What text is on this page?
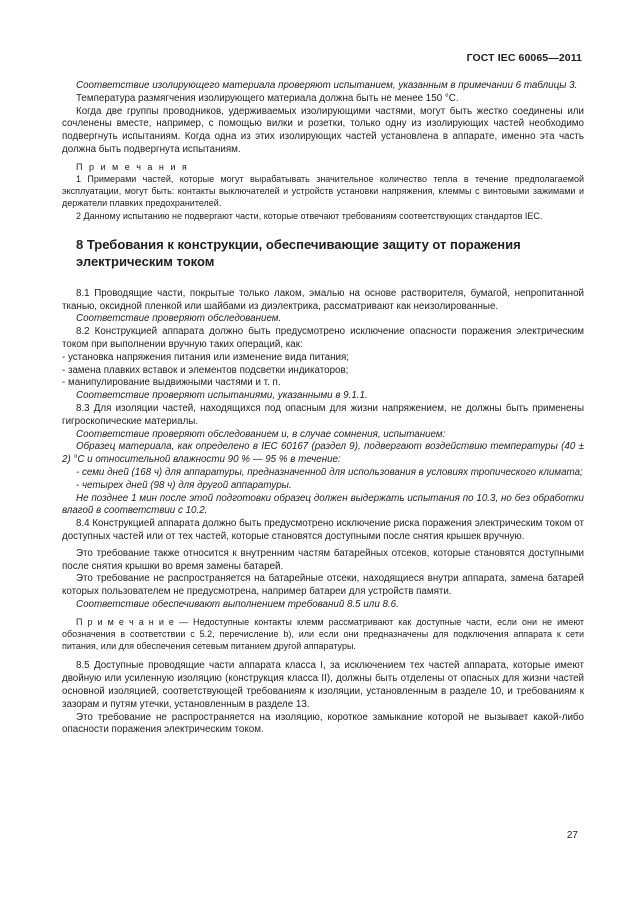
ГОСТ IEC 60065—2011

Соответствие изолирующего материала проверяют испытанием, указанным в примечании 6 таблицы 3.

Температура размягчения изолирующего материала должна быть не менее 150 °С.

Когда две группы проводников, удерживаемых изолирующими частями, могут быть жестко соединены или сочленены вместе, например, с помощью вилки и розетки, только одну из изолирующих частей необходимо подвергнуть испытаниям. Когда одна из этих изолирующих частей установлена в аппарате, именно эта часть должна быть подвергнута испытаниям.

П р и м е ч а н и я

1 Примерами частей, которые могут вырабатывать значительное количество тепла в течение предполагаемой эксплуатации, могут быть: контакты выключателей и устройств установки напряжения, клеммы с винтовыми зажимами и держатели плавких предохранителей.

2 Данному испытанию не подвергают части, которые отвечают требованиям соответствующих стандартов IEC.

8 Требования к конструкции, обеспечивающие защиту от поражения электрическим током

8.1 Проводящие части, покрытые только лаком, эмалью на основе растворителя, бумагой, непропитанной тканью, оксидной пленкой или шайбами из диэлектрика, рассматривают как неизолированные.

Соответствие проверяют обследованием.

8.2 Конструкцией аппарата должно быть предусмотрено исключение опасности поражения электрическим током при выполнении вручную таких операций, как:

- установка напряжения питания или изменение вида питания;

- замена плавких вставок и элементов подсветки индикаторов;

- манипулирование выдвижными частями и т. п.

Соответствие проверяют испытаниями, указанными в 9.1.1.

8.3 Для изоляции частей, находящихся под опасным для жизни напряжением, не должны быть применены гигроскопические материалы.

Соответствие проверяют обследованием и, в случае сомнения, испытанием:

Образец материала, как определено в IEC 60167 (раздел 9), подвергают воздействию температуры (40 ± 2) °С и относительной влажности 90 % — 95 % в течение:

- семи дней (168 ч) для аппаратуры, предназначенной для использования в условиях тропического климата;

- четырех дней (98 ч) для другой аппаратуры.

Не позднее 1 мин после этой подготовки образец должен выдержать испытания по 10.3, но без обработки влагой в соответствии с 10.2.

8.4 Конструкцией аппарата должно быть предусмотрено исключение риска поражения электрическим током от доступных частей или от тех частей, которые становятся доступными после снятия крышек вручную.

Это требование также относится к внутренним частям батарейных отсеков, которые становятся доступными после снятия крышки во время замены батарей.

Это требование не распространяется на батарейные отсеки, находящиеся внутри аппарата, замена батарей которых пользователем не предусмотрена, например батареи для устройств памяти.

Соответствие обеспечивают выполнением требований 8.5 или 8.6.

П р и м е ч а н и е — Недоступные контакты клемм рассматривают как доступные части, если они не имеют обозначения в соответствии с 5.2, перечисление b), или если они предназначены для подключения аппарата к сети питания, или для обеспечения сетевым питанием другой аппаратуры.

8.5 Доступные проводящие части аппарата класса I, за исключением тех частей аппарата, которые имеют двойную или усиленную изоляцию (конструкция класса II), должны быть отделены от опасных для жизни частей основной изоляцией, соответствующей требованиям к изоляции, установленным в разделе 10, и требованиям к зазорам и путям утечки, установленным в разделе 13.

Это требование не распространяется на изоляцию, короткое замыкание которой не вызывает какой-либо опасности поражения электрическим током.

27
